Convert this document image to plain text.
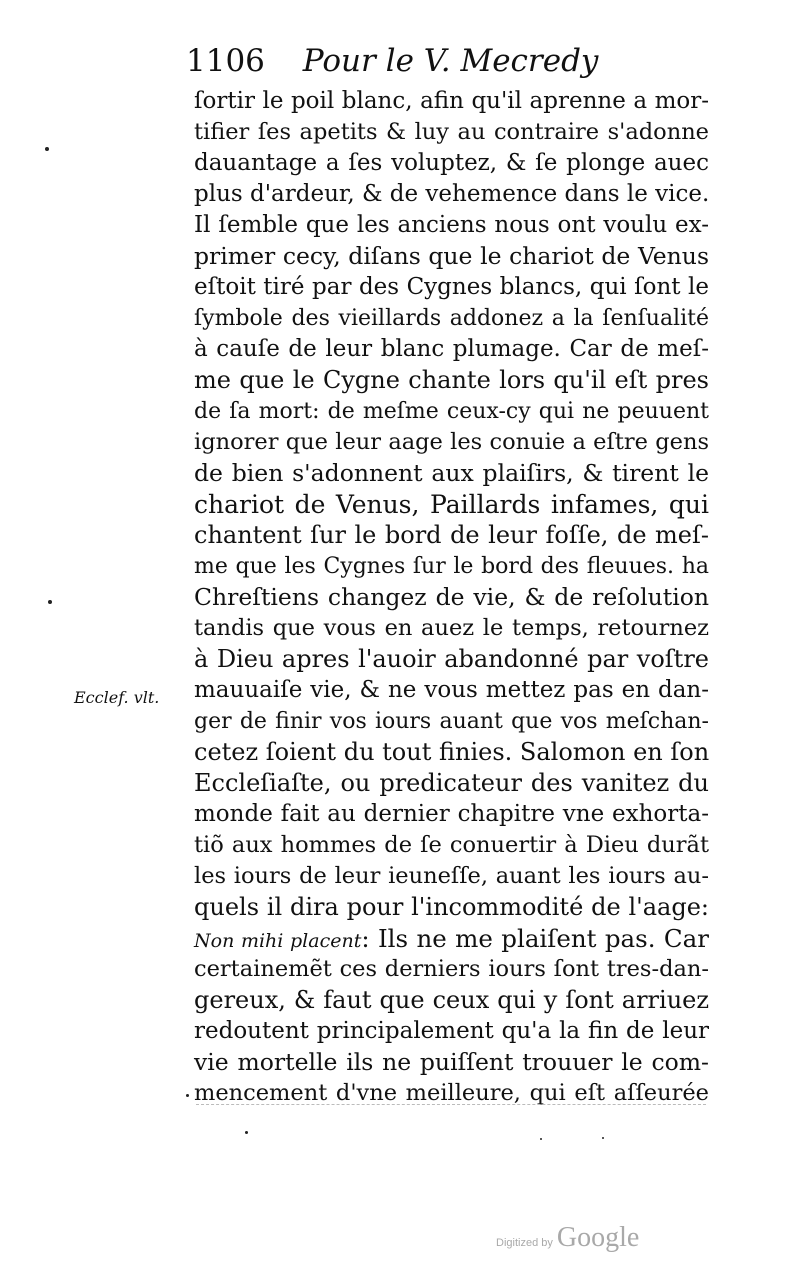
1106 Pour le V. Mecredy
Ecclef. vlt.
ſortir le poil blanc, afin qu'il aprenne a mor-
tifier ſes apetits & luy au contraire s'adonne
dauantage a ſes voluptez, & ſe plonge auec
plus d'ardeur, & de vehemence dans le vice.
Il ſemble que les anciens nous ont voulu ex-
primer cecy, diſans que le chariot de Venus
eſtoit tiré par des Cygnes blancs, qui ſont le
ſymbole des vieillards addonez a la ſenſualité
à cauſe de leur blanc plumage. Car de meſ-
me que le Cygne chante lors qu'il eſt pres
de ſa mort: de meſme ceux-cy qui ne peuuent
ignorer que leur aage les conuie a eſtre gens
de bien s'adonnent aux plaiſirs, & tirent le
chariot de Venus, Paillards infames, qui
chantent ſur le bord de leur foſſe, de meſ-
me que les Cygnes ſur le bord des fleuues. ha
Chreſtiens changez de vie, & de reſolution
tandis que vous en auez le temps, retournez
à Dieu apres l'auoir abandonné par voſtre
mauuaiſe vie, & ne vous mettez pas en dan-
ger de finir vos iours auant que vos meſchan-
cetez ſoient du tout finies. Salomon en ſon
Eccleſiaſte, ou predicateur des vanitez du
monde fait au dernier chapitre vne exhorta-
tiõ aux hommes de ſe conuertir à Dieu durãt
les iours de leur ieuneſſe, auant les iours au-
quels il dira pour l'incommodité de l'aage:
Non mihi placent: Ils ne me plaiſent pas. Car
certainemẽt ces derniers iours ſont tres-dan-
gereux, & faut que ceux qui y ſont arriuez
redoutent principalement qu'a la fin de leur
vie mortelle ils ne puiſſent trouuer le com-
mencement d'vne meilleure, qui eſt aſſeurée
Digitized by Google
